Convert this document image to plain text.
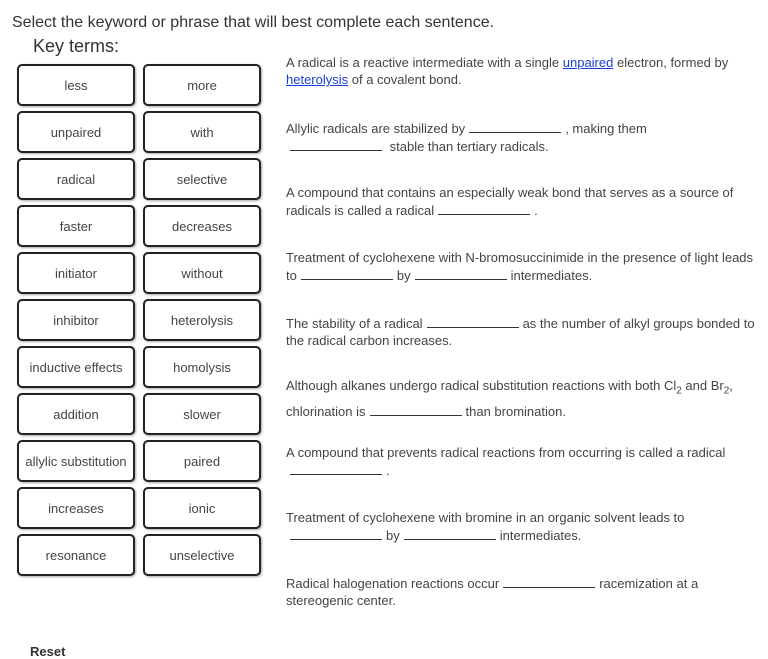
Select the keyword or phrase that will best complete each sentence.
Key terms:
less	more
unpaired	with
radical	selective
faster	decreases
initiator	without
inhibitor	heterolysis
inductive effects	homolysis
addition	slower
allylic substitution	paired
increases	ionic
resonance	unselective
A radical is a reactive intermediate with a single unpaired electron, formed by heterolysis of a covalent bond.
Allylic radicals are stabilized by	, making them
stable than tertiary radicals.
A compound that contains an especially weak bond that serves as a source of radicals is called a radical	.
Treatment of cyclohexene with N-bromosuccinimide in the presence of light leads to	by	intermediates.
The stability of a radical	as the number of alkyl groups bonded to the radical carbon increases.
Although alkanes undergo radical substitution reactions with both $Cl_2$ and $Br_2$, chlorination is	than bromination.
A compound that prevents radical reactions from occurring is called a radical.
Treatment of cyclohexene with bromine in an organic solvent leads to
by	intermediates.
Radical halogenation reactions occur	racemization at a stereogenic center.
Reset
